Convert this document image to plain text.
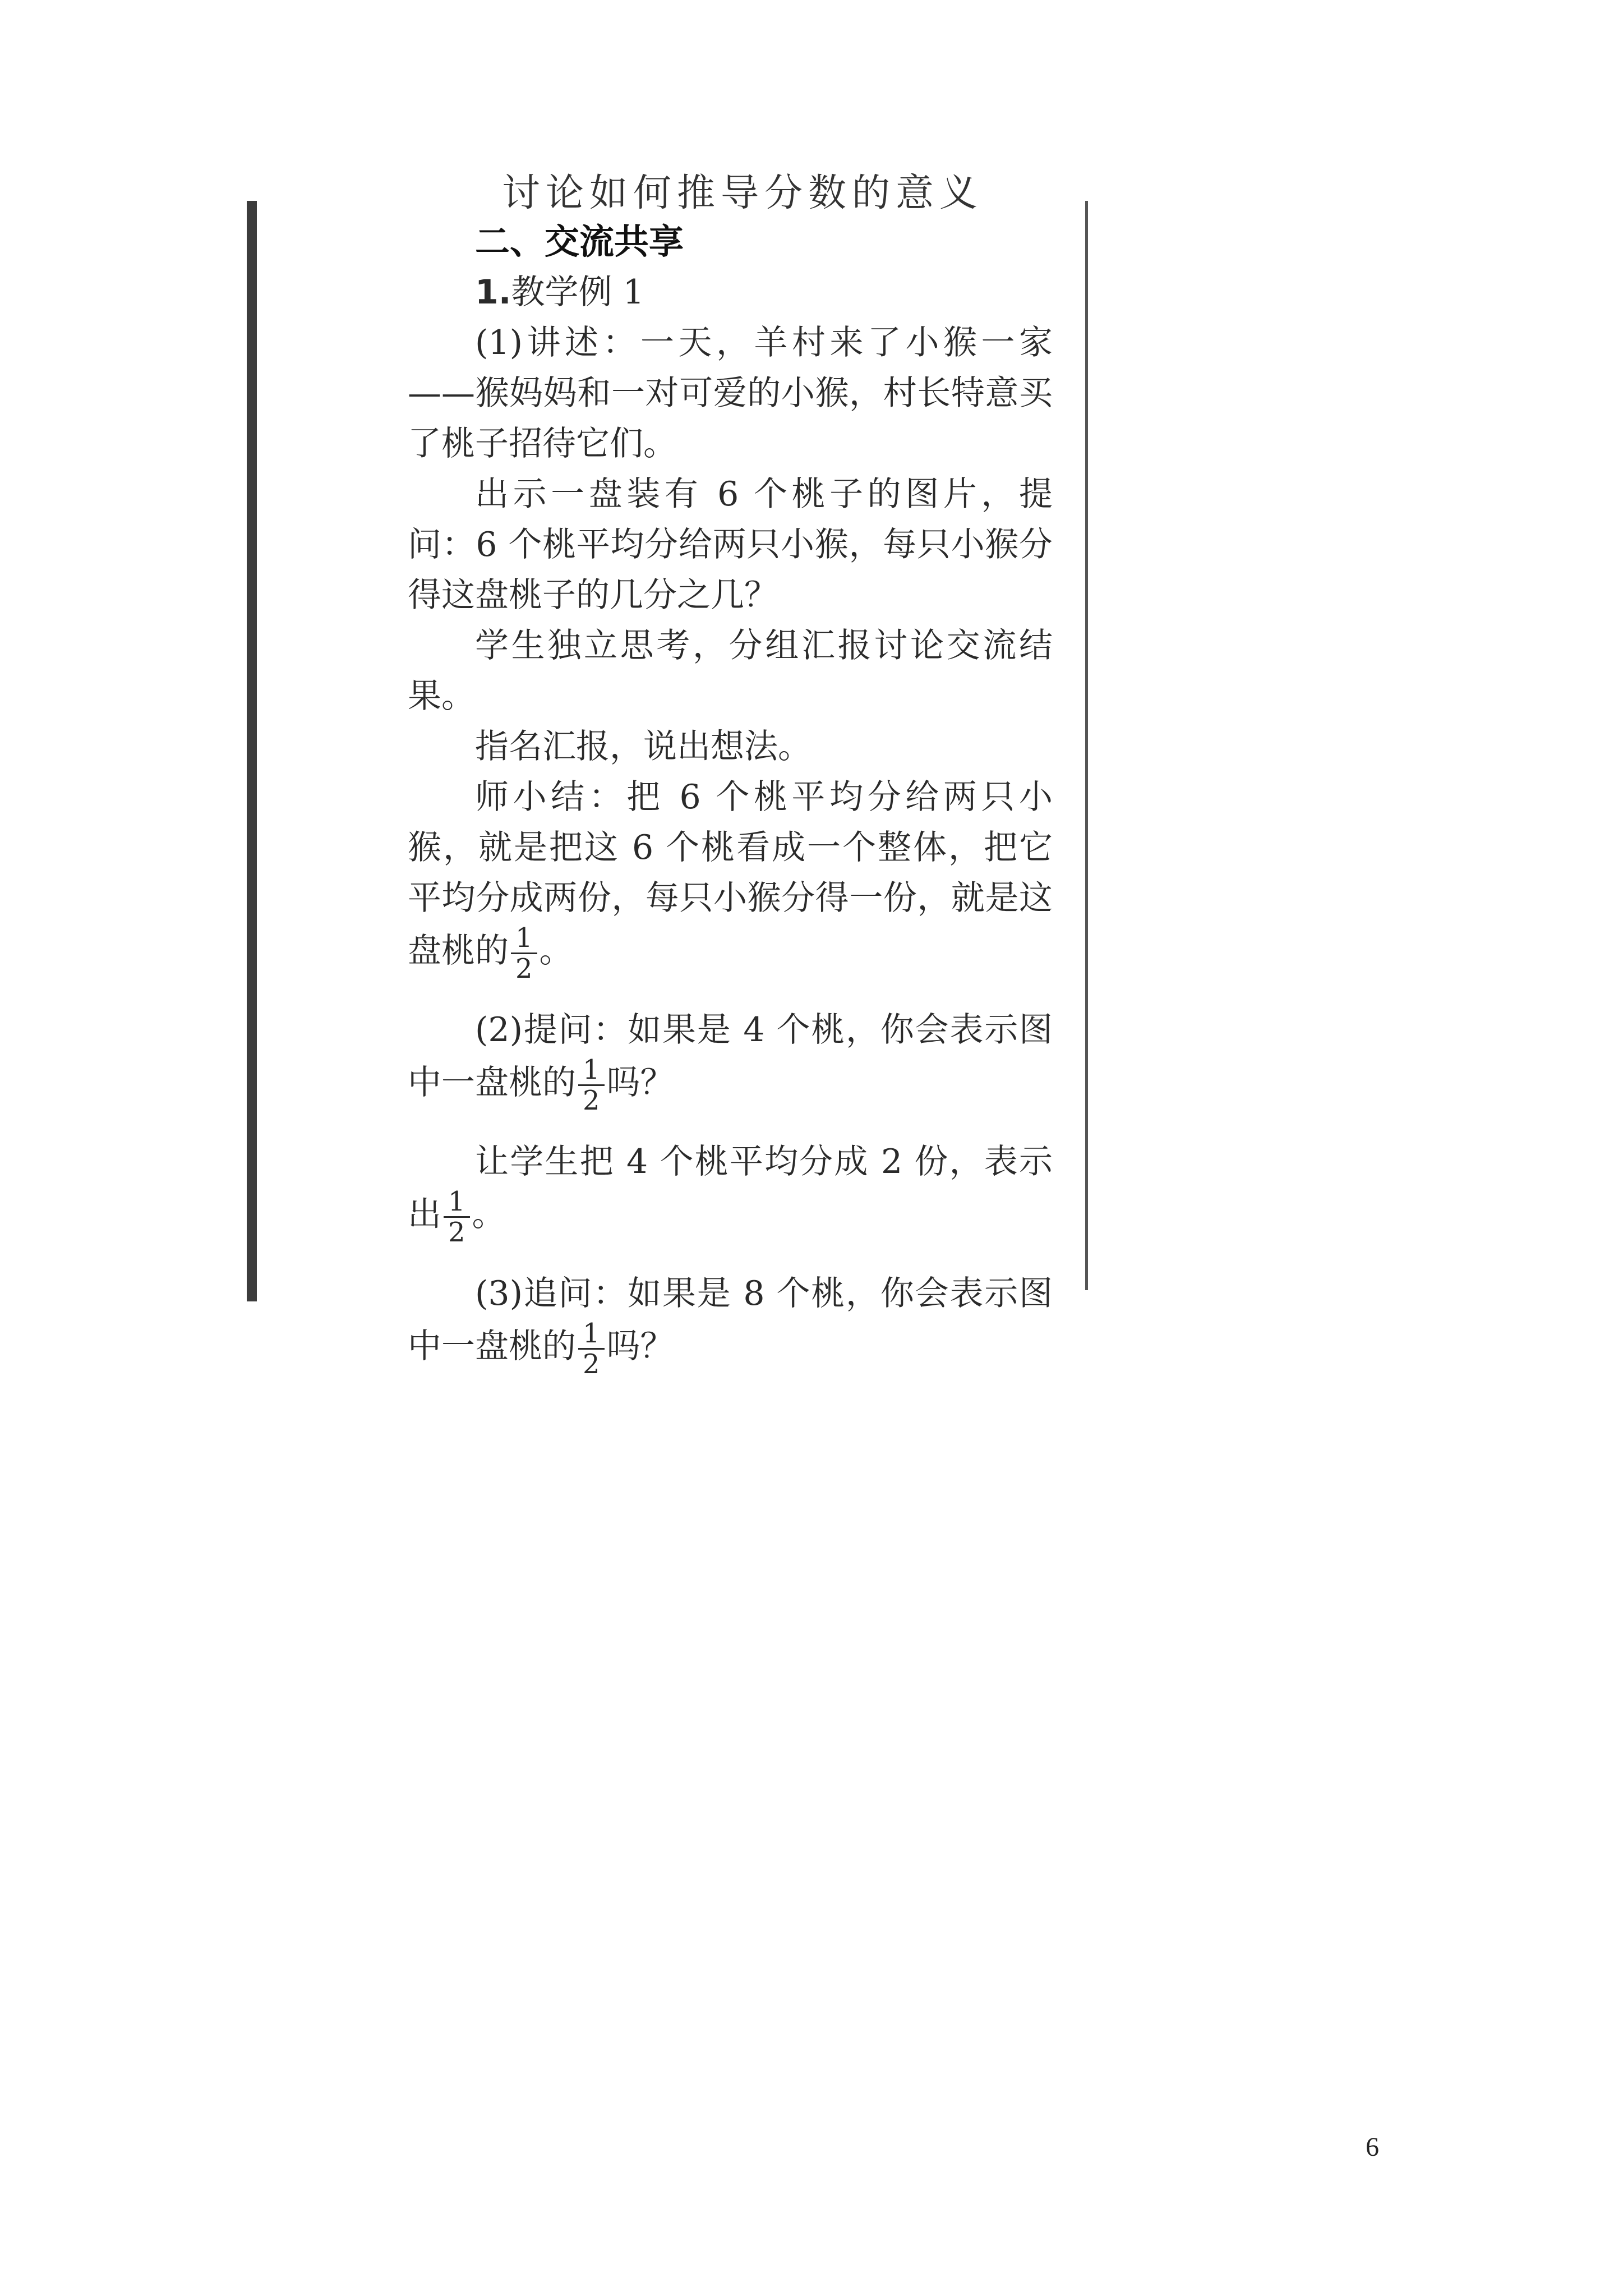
讨论如何推导分数的意义
二、交流共享
1.教学例 1
(1)讲述：一天，羊村来了小猴一家——猴妈妈和一对可爱的小猴，村长特意买了桃子招待它们。
出示一盘装有 6 个桃子的图片，提问：6 个桃平均分给两只小猴，每只小猴分得这盘桃子的几分之几？
学生独立思考，分组汇报讨论交流结果。
指名汇报，说出想法。
师小结：把 6 个桃平均分给两只小猴，就是把这 6 个桃看成一个整体，把它平均分成两份，每只小猴分得一份，就是这盘桃的 $\frac{1}{2}$ 。
(2)提问：如果是 4 个桃，你会表示图中一盘桃的 $\frac{1}{2}$ 吗？
让学生把 4 个桃平均分成 2 份，表示出 $\frac{1}{2}$ 。
(3)追问：如果是 8 个桃，你会表示图中一盘桃的 $\frac{1}{2}$ 吗？
6
